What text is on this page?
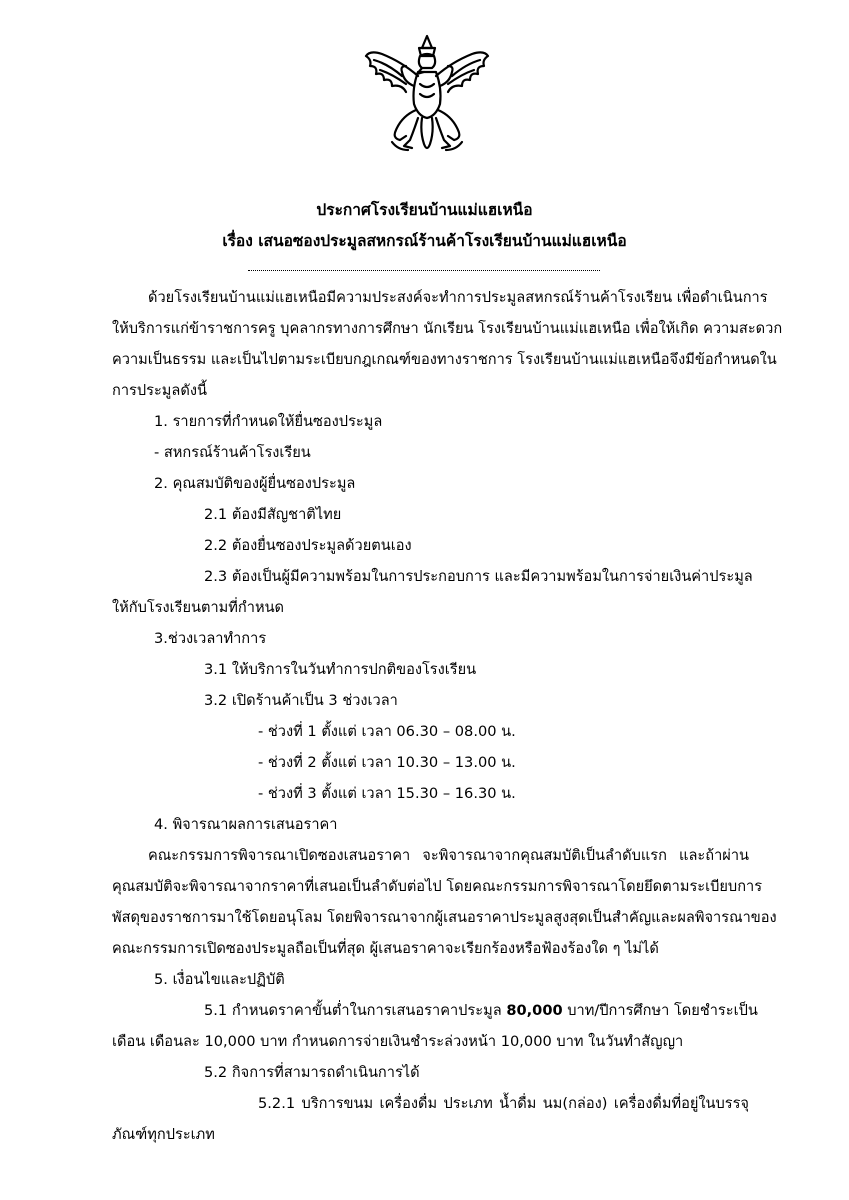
ประกาศโรงเรียนบ้านแม่แฮเหนือ
เรื่อง เสนอซองประมูลสหกรณ์ร้านค้าโรงเรียนบ้านแม่แฮเหนือ
ด้วยโรงเรียนบ้านแม่แฮเหนือมีความประสงค์จะทำการประมูลสหกรณ์ร้านค้าโรงเรียน เพื่อดำเนินการ
ให้บริการแก่ข้าราชการครู บุคลากรทางการศึกษา นักเรียน โรงเรียนบ้านแม่แฮเหนือ เพื่อให้เกิด ความสะดวก
ความเป็นธรรม และเป็นไปตามระเบียบกฎเกณฑ์ของทางราชการ โรงเรียนบ้านแม่แฮเหนือจึงมีข้อกำหนดใน
การประมูลดังนี้
1. รายการที่กำหนดให้ยื่นซองประมูล
- สหกรณ์ร้านค้าโรงเรียน
2. คุณสมบัติของผู้ยื่นซองประมูล
2.1 ต้องมีสัญชาติไทย
2.2 ต้องยื่นซองประมูลด้วยตนเอง
2.3 ต้องเป็นผู้มีความพร้อมในการประกอบการ และมีความพร้อมในการจ่ายเงินค่าประมูล
ให้กับโรงเรียนตามที่กำหนด
3.ช่วงเวลาทำการ
3.1 ให้บริการในวันทำการปกติของโรงเรียน
3.2 เปิดร้านค้าเป็น 3 ช่วงเวลา
- ช่วงที่ 1 ตั้งแต่ เวลา 06.30 – 08.00 น.
- ช่วงที่ 2 ตั้งแต่ เวลา 10.30 – 13.00 น.
- ช่วงที่ 3 ตั้งแต่ เวลา 15.30 – 16.30 น.
4. พิจารณาผลการเสนอราคา
คณะกรรมการพิจารณาเปิดซองเสนอราคา จะพิจารณาจากคุณสมบัติเป็นลำดับแรก และถ้าผ่าน
คุณสมบัติจะพิจารณาจากราคาที่เสนอเป็นลำดับต่อไป โดยคณะกรรมการพิจารณาโดยยึดตามระเบียบการ
พัสดุของราชการมาใช้โดยอนุโลม โดยพิจารณาจากผู้เสนอราคาประมูลสูงสุดเป็นสำคัญและผลพิจารณาของ
คณะกรรมการเปิดซองประมูลถือเป็นที่สุด ผู้เสนอราคาจะเรียกร้องหรือฟ้องร้องใด ๆ ไม่ได้
5. เงื่อนไขและปฏิบัติ
5.1 กำหนดราคาขั้นต่ำในการเสนอราคาประมูล 80,000 บาท/ปีการศึกษา โดยชำระเป็น
เดือน เดือนละ 10,000 บาท กำหนดการจ่ายเงินชำระล่วงหน้า 10,000 บาท ในวันทำสัญญา
5.2 กิจการที่สามารถดำเนินการได้
5.2.1 บริการขนม เครื่องดื่ม ประเภท น้ำดื่ม นม(กล่อง) เครื่องดื่มที่อยู่ในบรรจุ
ภัณฑ์ทุกประเภท
